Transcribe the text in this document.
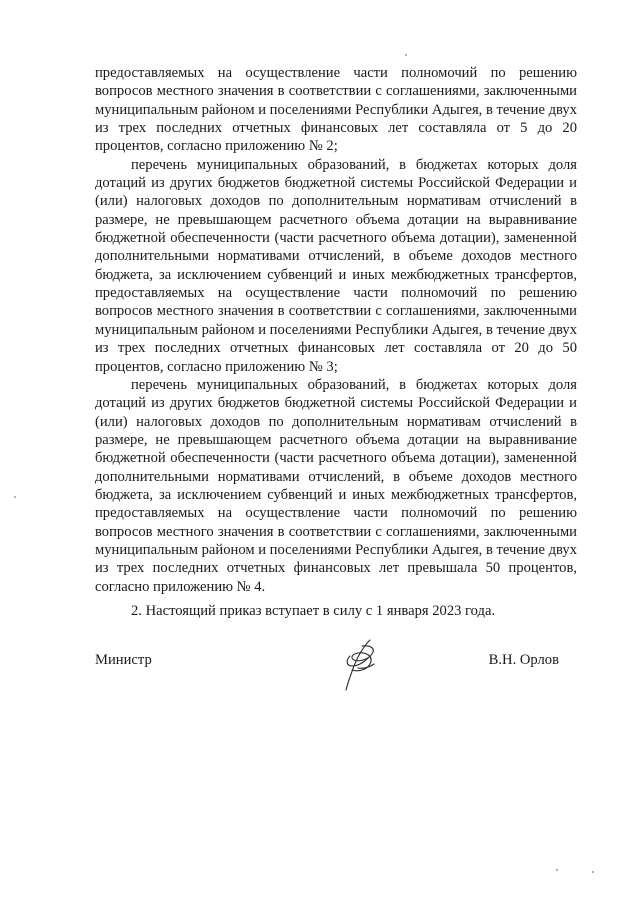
предоставляемых на осуществление части полномочий по решению вопросов местного значения в соответствии с соглашениями, заключенными муниципальным районом и поселениями Республики Адыгея, в течение двух из трех последних отчетных финансовых лет составляла от 5 до 20 процентов, согласно приложению № 2;

перечень муниципальных образований, в бюджетах которых доля дотаций из других бюджетов бюджетной системы Российской Федерации и (или) налоговых доходов по дополнительным нормативам отчислений в размере, не превышающем расчетного объема дотации на выравнивание бюджетной обеспеченности (части расчетного объема дотации), замененной дополнительными нормативами отчислений, в объеме доходов местного бюджета, за исключением субвенций и иных межбюджетных трансфертов, предоставляемых на осуществление части полномочий по решению вопросов местного значения в соответствии с соглашениями, заключенными муниципальным районом и поселениями Республики Адыгея, в течение двух из трех последних отчетных финансовых лет составляла от 20 до 50 процентов, согласно приложению № 3;

перечень муниципальных образований, в бюджетах которых доля дотаций из других бюджетов бюджетной системы Российской Федерации и (или) налоговых доходов по дополнительным нормативам отчислений в размере, не превышающем расчетного объема дотации на выравнивание бюджетной обеспеченности (части расчетного объема дотации), замененной дополнительными нормативами отчислений, в объеме доходов местного бюджета, за исключением субвенций и иных межбюджетных трансфертов, предоставляемых на осуществление части полномочий по решению вопросов местного значения в соответствии с соглашениями, заключенными муниципальным районом и поселениями Республики Адыгея, в течение двух из трех последних отчетных финансовых лет превышала 50 процентов, согласно приложению № 4.

2. Настоящий приказ вступает в силу с 1 января 2023 года.

Министр	В.Н. Орлов
